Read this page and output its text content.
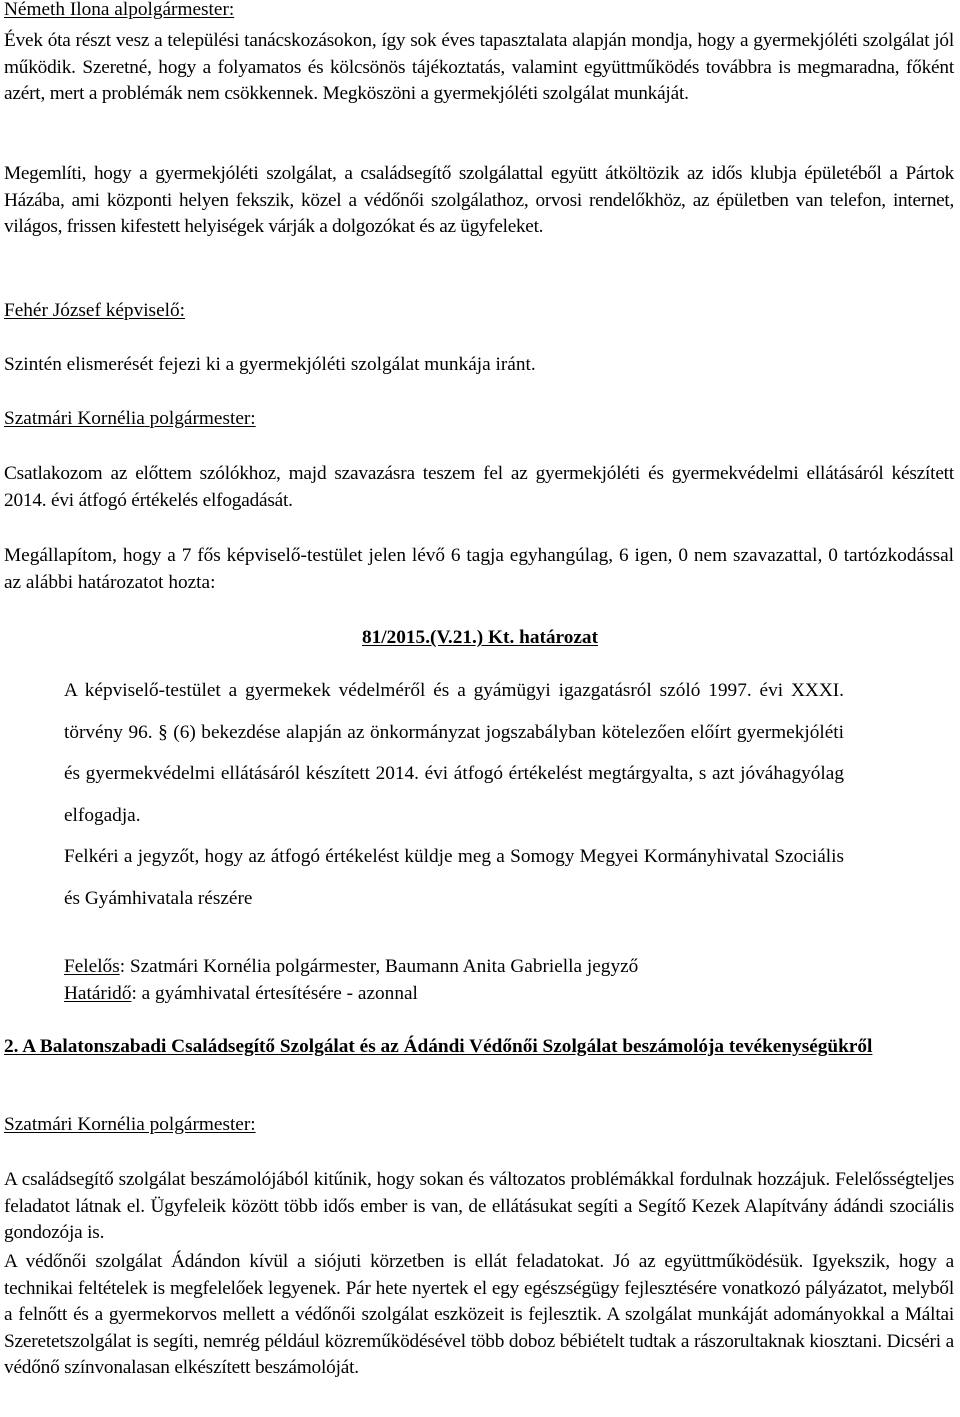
Németh Ilona alpolgármester:

Évek óta részt vesz a települési tanácskozásokon, így sok éves tapasztalata alapján mondja, hogy a gyermekjóléti szolgálat jól működik. Szeretné, hogy a folyamatos és kölcsönös tájékoztatás, valamint együttműködés továbbra is megmaradna, főként azért, mert a problémák nem csökkennek. Megköszöni a gyermekjóléti szolgálat munkáját.

Megemlíti, hogy a gyermekjóléti szolgálat, a családsegítő szolgálattal együtt átköltözik az idős klubja épületéből a Pártok Házába, ami központi helyen fekszik, közel a védőnői szolgálathoz, orvosi rendelőkhöz, az épületben van telefon, internet, világos, frissen kifestett helyiségek várják a dolgozókat és az ügyfeleket.

Fehér József képviselő:

Szintén elismerését fejezi ki a gyermekjóléti szolgálat munkája iránt.

Szatmári Kornélia polgármester:

Csatlakozom az előttem szólókhoz, majd szavazásra teszem fel az gyermekjóléti és gyermekvédelmi ellátásáról készített 2014. évi átfogó értékelés elfogadását.

Megállapítom, hogy a 7 fős képviselő-testület jelen lévő 6 tagja egyhangúlag, 6 igen, 0 nem szavazattal, 0 tartózkodással az alábbi határozatot hozta:

81/2015.(V.21.) Kt. határozat

A képviselő-testület a gyermekek védelméről és a gyámügyi igazgatásról szóló 1997. évi XXXI. törvény 96. § (6) bekezdése alapján az önkormányzat jogszabályban kötelezően előírt gyermekjóléti és gyermekvédelmi ellátásáról készített 2014. évi átfogó értékelést megtárgyalta, s azt jóváhagyólag elfogadja.

Felkéri a jegyzőt, hogy az átfogó értékelést küldje meg a Somogy Megyei Kormányhivatal Szociális és Gyámhivatala részére

Felelős: Szatmári Kornélia polgármester, Baumann Anita Gabriella jegyző

Határidő: a gyámhivatal értesítésére - azonnal

2. A Balatonszabadi Családsegítő Szolgálat és az Ádándi Védőnői Szolgálat beszámolója tevékenységükről

Szatmári Kornélia polgármester:

A családsegítő szolgálat beszámolójából kitűnik, hogy sokan és változatos problémákkal fordulnak hozzájuk. Felelősségteljes feladatot látnak el. Ügyfeleik között több idős ember is van, de ellátásukat segíti a Segítő Kezek Alapítvány ádándi szociális gondozója is.

A védőnői szolgálat Ádándon kívül a siójuti körzetben is ellát feladatokat. Jó az együttműködésük. Igyekszik, hogy a technikai feltételek is megfelelőek legyenek. Pár hete nyertek el egy egészségügy fejlesztésére vonatkozó pályázatot, melyből a felnőtt és a gyermekorvos mellett a védőnői szolgálat eszközeit is fejlesztik. A szolgálat munkáját adományokkal a Máltai Szeretetszolgálat is segíti, nemrég például közreműködésével több doboz bébiételt tudtak a rászorultaknak kiosztani. Dicséri a védőnő színvonalasan elkészített beszámolóját.
